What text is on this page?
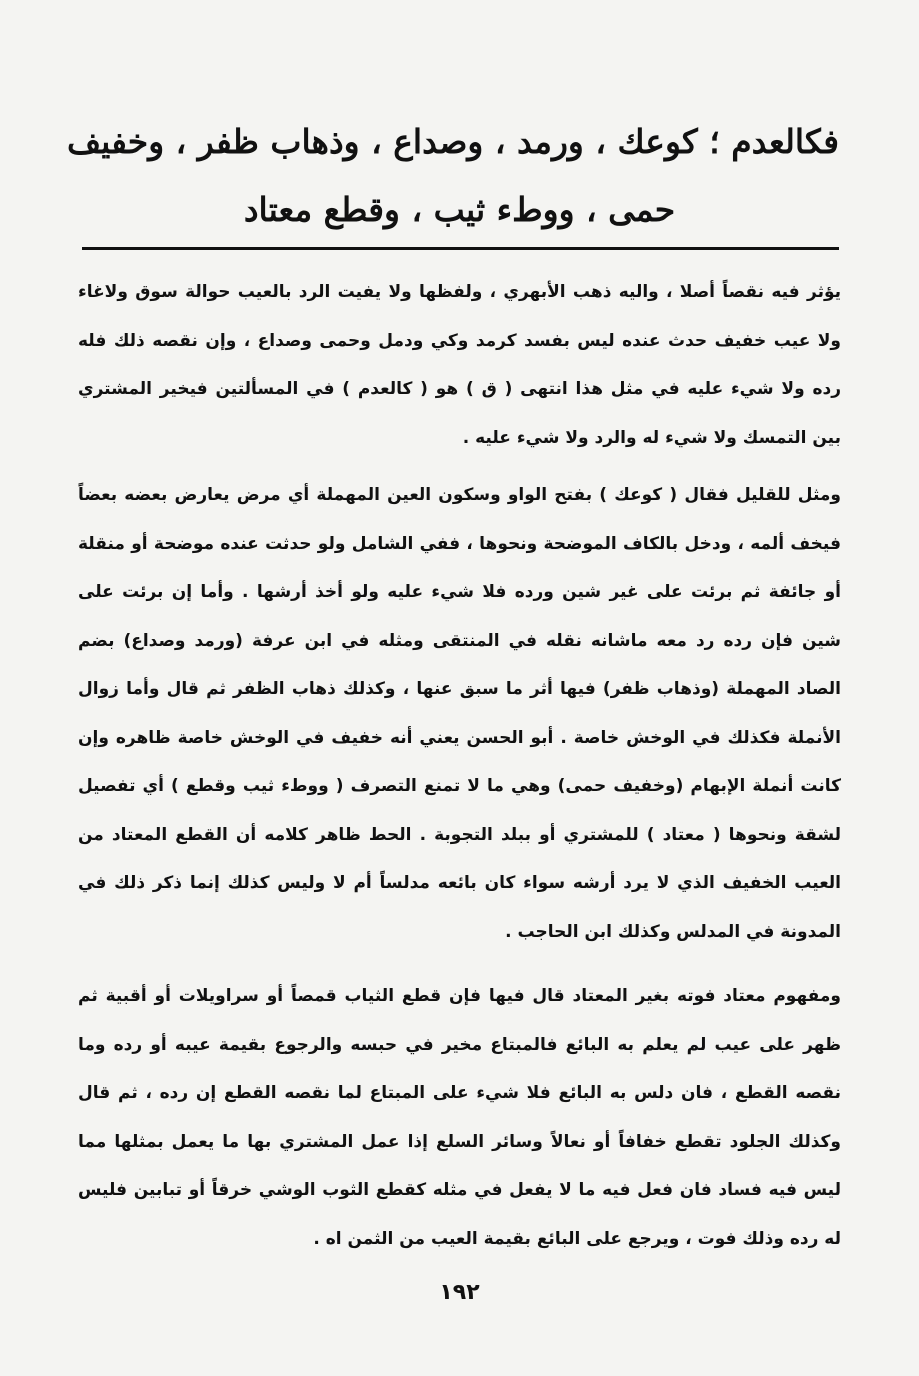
فكالعدم ؛ كوعك ، ورمد ، وصداع ، وذهاب ظفر ، وخفيف
حمى ، ووطء ثيب ، وقطع معتاد

يؤثر فيه نقصاً أصلا ، واليه ذهب الأبهري ، ولفظها ولا يفيت الرد بالعيب حوالة سوق ولاغاء ولا عيب خفيف حدث عنده ليس بفسد كرمد وكي ودمل وحمى وصداع ، وإن نقصه ذلك فله رده ولا شيء عليه في مثل هذا انتهى ( ق ) هو ( كالعدم ) في المسألتين فيخير المشتري بين التمسك ولا شيء له والرد ولا شيء عليه .

ومثل للقليل فقال ( كوعك ) بفتح الواو وسكون العين المهملة أي مرض يعارض بعضه بعضاً فيخف ألمه ، ودخل بالكاف الموضحة ونحوها ، ففي الشامل ولو حدثت عنده موضحة أو منقلة أو جائفة ثم برئت على غير شين ورده فلا شيء عليه ولو أخذ أرشها . وأما إن برئت على شين فإن رده رد معه ماشانه نقله في المنتقى ومثله في ابن عرفة (ورمد وصداع) بضم الصاد المهملة (وذهاب ظفر) فيها أثر ما سبق عنها ، وكذلك ذهاب الظفر ثم قال وأما زوال الأنملة فكذلك في الوخش خاصة . أبو الحسن يعني أنه خفيف في الوخش خاصة ظاهره وإن كانت أنملة الإبهام (وخفيف حمى) وهي ما لا تمنع التصرف ( ووطء ثيب وقطع ) أي تفصيل لشقة ونحوها ( معتاد ) للمشتري أو ببلد التجوبة . الحط ظاهر كلامه أن القطع المعتاد من العيب الخفيف الذي لا يرد أرشه سواء كان بائعه مدلساً أم لا وليس كذلك إنما ذكر ذلك في المدونة في المدلس وكذلك ابن الحاجب .

ومفهوم معتاد فوته بغير المعتاد قال فيها فإن قطع الثياب قمصاً أو سراويلات أو أقبية ثم ظهر على عيب لم يعلم به البائع فالمبتاع مخير في حبسه والرجوع بقيمة عيبه أو رده وما نقصه القطع ، فان دلس به البائع فلا شيء على المبتاع لما نقصه القطع إن رده ، ثم قال وكذلك الجلود تقطع خفافاً أو نعالاً وسائر السلع إذا عمل المشتري بها ما يعمل بمثلها مما ليس فيه فساد فان فعل فيه ما لا يفعل في مثله كقطع الثوب الوشي خرقاً أو تبابين فليس له رده وذلك فوت ، ويرجع على البائع بقيمة العيب من الثمن اه .

١٩٢
